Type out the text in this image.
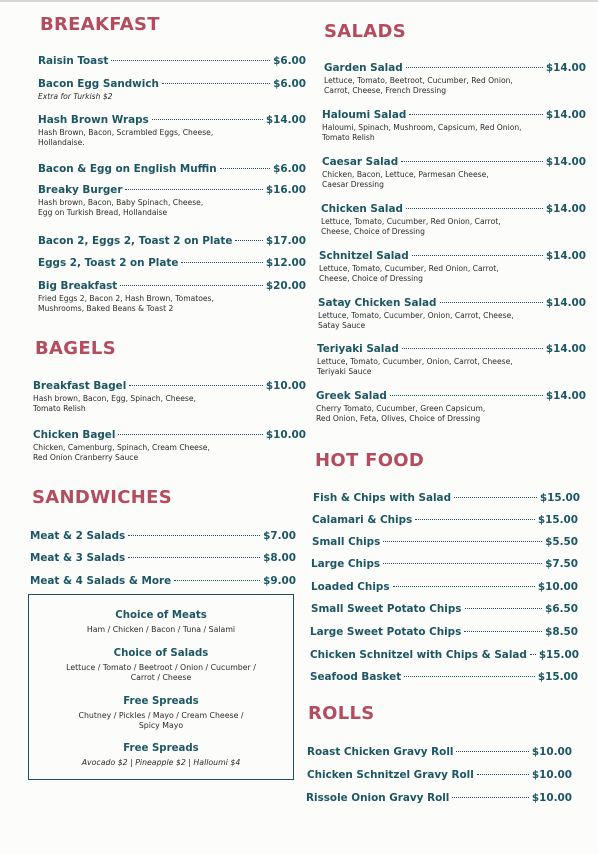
BREAKFAST
Raisin Toast	$6.00
Bacon Egg Sandwich	$6.00
Extra for Turkish $2
Hash Brown Wraps	$14.00
Hash Brown, Bacon, Scrambled Eggs, Cheese,
Hollandaise.
Bacon & Egg on English Muffin	$6.00
Breaky Burger	$16.00
Hash brown, Bacon, Baby Spinach, Cheese,
Egg on Turkish Bread, Hollandaise
Bacon 2, Eggs 2, Toast 2 on Plate	$17.00
Eggs 2, Toast 2 on Plate	$12.00
Big Breakfast	$20.00
Fried Eggs 2, Bacon 2, Hash Brown, Tomatoes,
Mushrooms, Baked Beans & Toast 2
BAGELS
Breakfast Bagel	$10.00
Hash brown, Bacon, Egg, Spinach, Cheese,
Tomato Relish
Chicken Bagel	$10.00
Chicken, Camenburg, Spinach, Cream Cheese,
Red Onion Cranberry Sauce
SANDWICHES
Meat & 2 Salads	$7.00
Meat & 3 Salads	$8.00
Meat & 4 Salads & More	$9.00
Choice of Meats
Ham / Chicken / Bacon / Tuna / Salami
Choice of Salads
Lettuce / Tomato / Beetroot / Onion / Cucumber /
Carrot / Cheese
Free Spreads
Chutney / Pickles / Mayo / Cream Cheese /
Spicy Mayo
Free Spreads
Avocado $2 | Pineapple $2 | Halloumi $4
SALADS
Garden Salad	$14.00
Lettuce, Tomato, Beetroot, Cucumber, Red Onion,
Carrot, Cheese, French Dressing
Haloumi Salad	$14.00
Haloumi, Spinach, Mushroom, Capsicum, Red Onion,
Tomato Relish
Caesar Salad	$14.00
Chicken, Bacon, Lettuce, Parmesan Cheese,
Caesar Dressing
Chicken Salad	$14.00
Lettuce, Tomato, Cucumber, Red Onion, Carrot,
Cheese, Choice of Dressing
Schnitzel Salad	$14.00
Lettuce, Tomato, Cucumber, Red Onion, Carrot,
Cheese, Choice of Dressing
Satay Chicken Salad	$14.00
Lettuce, Tomato, Cucumber, Onion, Carrot, Cheese,
Satay Sauce
Teriyaki Salad	$14.00
Lettuce, Tomato, Cucumber, Onion, Carrot, Cheese,
Teriyaki Sauce
Greek Salad	$14.00
Cherry Tomato, Cucumber, Green Capsicum,
Red Onion, Feta, Olives, Choice of Dressing
HOT FOOD
Fish & Chips with Salad	$15.00
Calamari & Chips	$15.00
Small Chips	$5.50
Large Chips	$7.50
Loaded Chips	$10.00
Small Sweet Potato Chips	$6.50
Large Sweet Potato Chips	$8.50
Chicken Schnitzel with Chips & Salad $15.00
Seafood Basket	$15.00
ROLLS
Roast Chicken Gravy Roll	$10.00
Chicken Schnitzel Gravy Roll	$10.00
Rissole Onion Gravy Roll	$10.00
